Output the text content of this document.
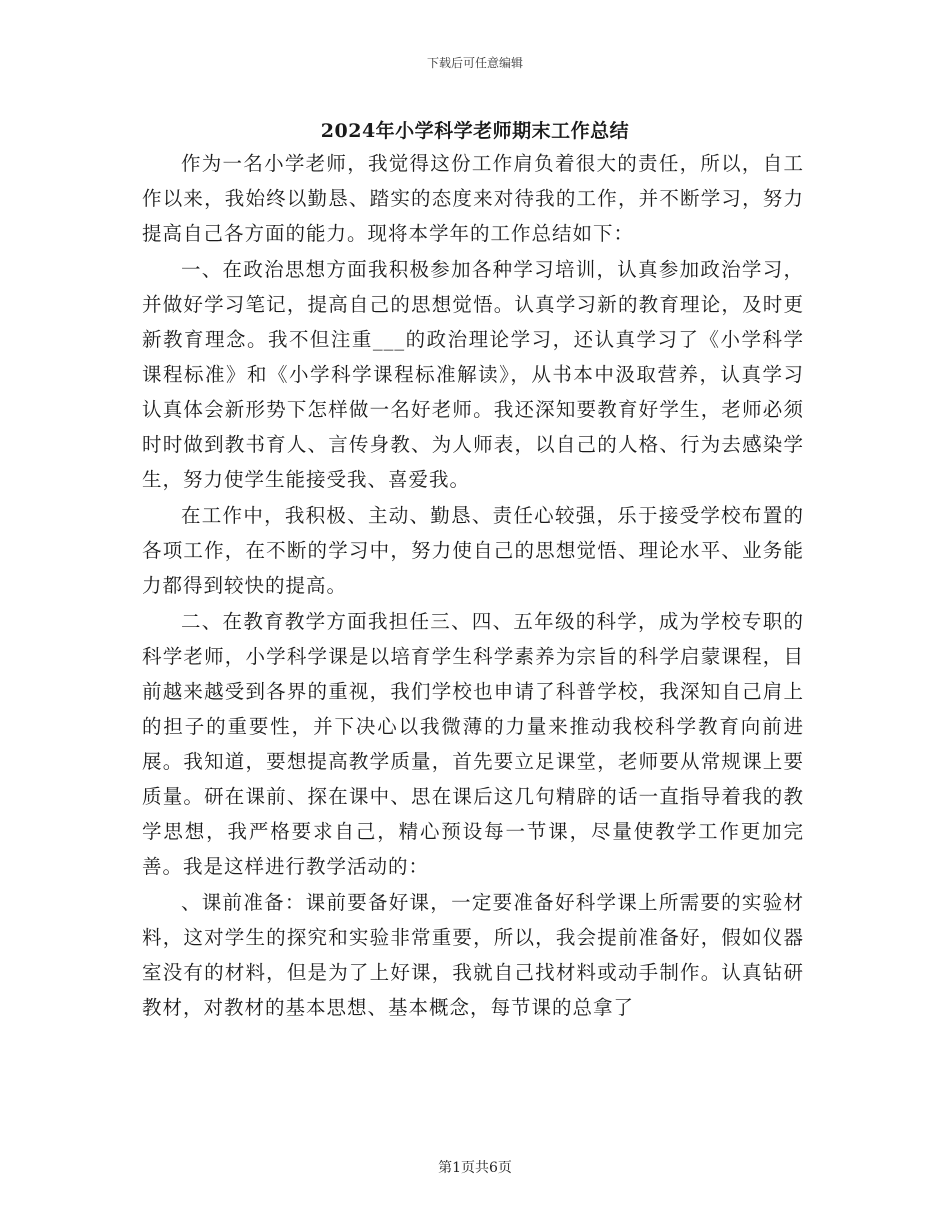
下载后可任意编辑
2024年小学科学老师期末工作总结

作为一名小学老师，我觉得这份工作肩负着很大的责任，所以，自工作以来，我始终以勤恳、踏实的态度来对待我的工作，并不断学习，努力提高自己各方面的能力。现将本学年的工作总结如下：

一、在政治思想方面我积极参加各种学习培训，认真参加政治学习，并做好学习笔记，提高自己的思想觉悟。认真学习新的教育理论，及时更新教育理念。我不但注重___的政治理论学习，还认真学习了《小学科学课程标准》和《小学科学课程标准解读》，从书本中汲取营养，认真学习认真体会新形势下怎样做一名好老师。我还深知要教育好学生，老师必须时时做到教书育人、言传身教、为人师表，以自己的人格、行为去感染学生，努力使学生能接受我、喜爱我。

在工作中，我积极、主动、勤恳、责任心较强，乐于接受学校布置的各项工作，在不断的学习中，努力使自己的思想觉悟、理论水平、业务能力都得到较快的提高。

二、在教育教学方面我担任三、四、五年级的科学，成为学校专职的科学老师，小学科学课是以培育学生科学素养为宗旨的科学启蒙课程，目前越来越受到各界的重视，我们学校也申请了科普学校，我深知自己肩上的担子的重要性，并下决心以我微薄的力量来推动我校科学教育向前进展。我知道，要想提高教学质量，首先要立足课堂，老师要从常规课上要质量。研在课前、探在课中、思在课后这几句精辟的话一直指导着我的教学思想，我严格要求自己，精心预设每一节课，尽量使教学工作更加完善。我是这样进行教学活动的：

、课前准备：课前要备好课，一定要准备好科学课上所需要的实验材料，这对学生的探究和实验非常重要，所以，我会提前准备好，假如仪器室没有的材料，但是为了上好课，我就自己找材料或动手制作。认真钻研教材，对教材的基本思想、基本概念，每节课的总拿了

第1页共6页
